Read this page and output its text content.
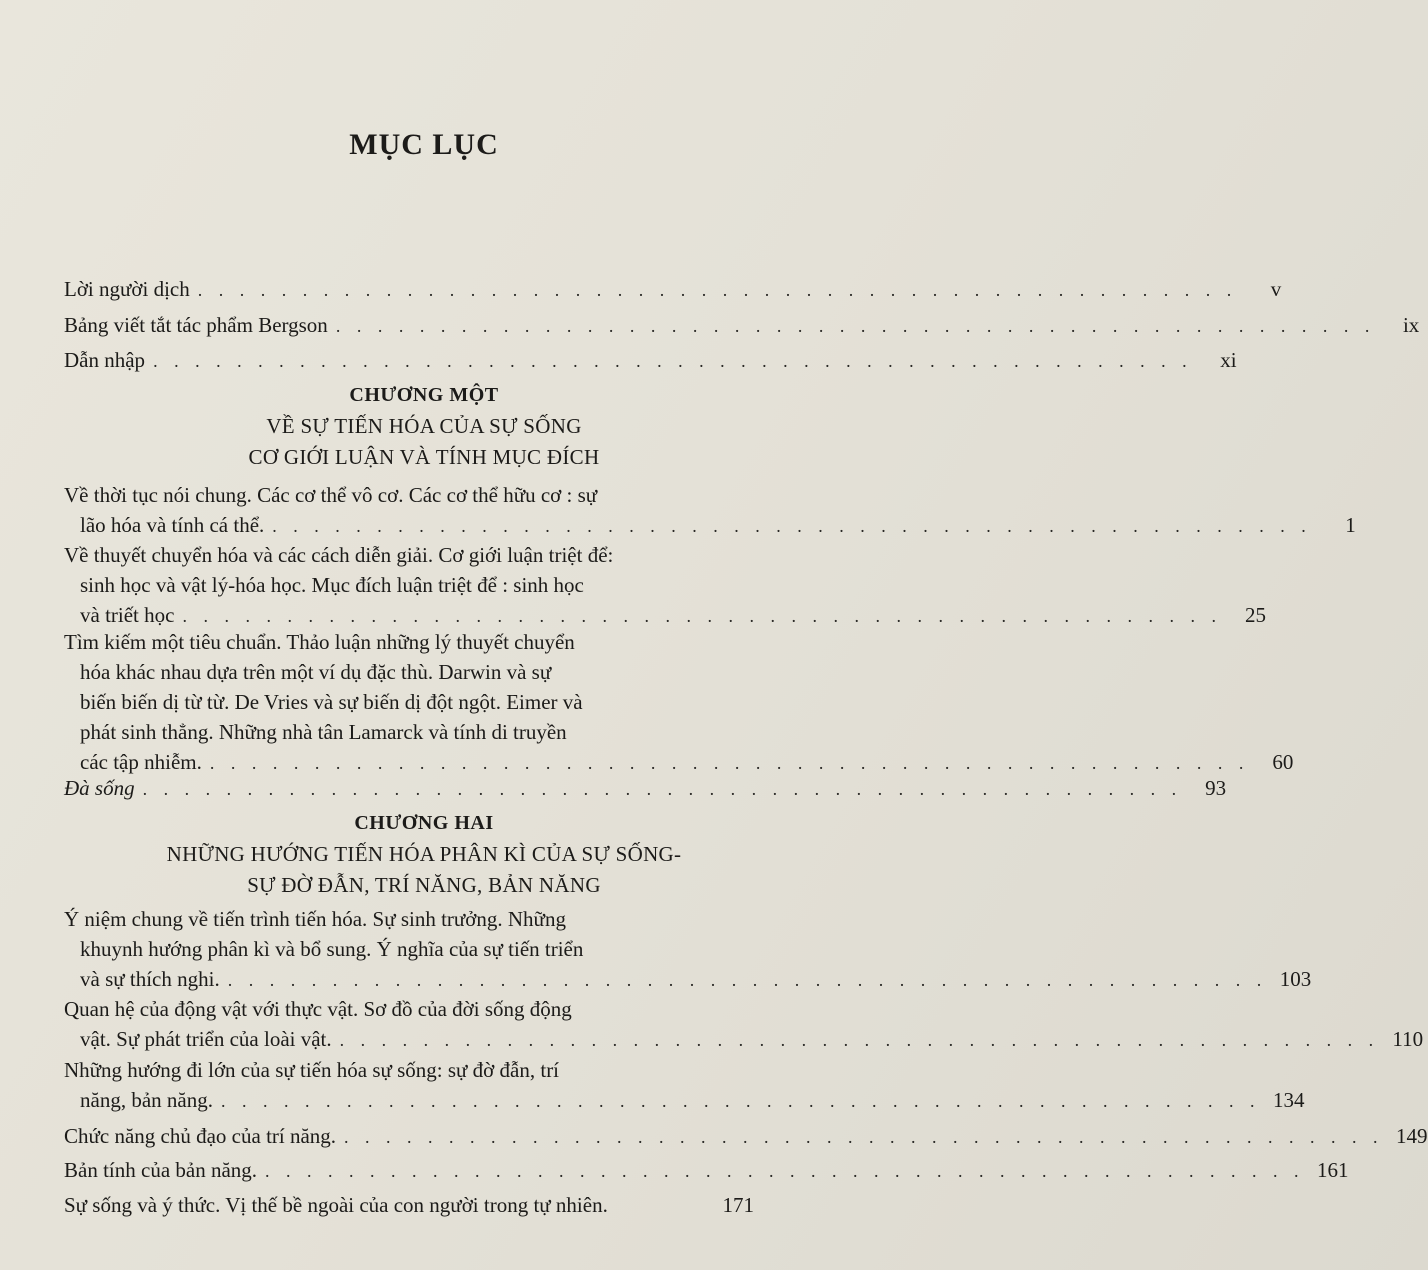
MỤC LỤC
Lời người dịch . . . . . . . . . . . . . . . . . . . . . . . . . . . . . . . . . . . . . . . . . . . . . . . . . .	v
Bảng viết tắt tác phẩm Bergson . . . . . . . . . . . . . . . . . . . . . . . . . . . . . . . . . . . . . . . . . . . . . . . . . .	ix
Dẫn nhập . . . . . . . . . . . . . . . . . . . . . . . . . . . . . . . . . . . . . . . . . . . . . . . . . .	xi
CHƯƠNG MỘT
VỀ SỰ TIẾN HÓA CỦA SỰ SỐNG
CƠ GIỚI LUẬN VÀ TÍNH MỤC ĐÍCH
Về thời tục nói chung. Các cơ thể vô cơ. Các cơ thể hữu cơ : sự
lão hóa và tính cá thể. . . . . . . . . . . . . . . . . . . . . . . . . . . . . . . . . . . . . . . . . . . . . . . . . . .	1
Về thuyết chuyển hóa và các cách diễn giải. Cơ giới luận triệt để:
sinh học và vật lý-hóa học. Mục đích luận triệt để : sinh học
và triết học . . . . . . . . . . . . . . . . . . . . . . . . . . . . . . . . . . . . . . . . . . . . . . . . . .	25
Tìm kiếm một tiêu chuẩn. Thảo luận những lý thuyết chuyển
hóa khác nhau dựa trên một ví dụ đặc thù. Darwin và sự
biến biến dị từ từ. De Vries và sự biến dị đột ngột. Eimer và
phát sinh thẳng. Những nhà tân Lamarck và tính di truyền
các tập nhiễm. . . . . . . . . . . . . . . . . . . . . . . . . . . . . . . . . . . . . . . . . . . . . . . . . . .	60
Đà sống . . . . . . . . . . . . . . . . . . . . . . . . . . . . . . . . . . . . . . . . . . . . . . . . . .	93
CHƯƠNG HAI
NHỮNG HƯỚNG TIẾN HÓA PHÂN KÌ CỦA SỰ SỐNG-
SỰ ĐỜ ĐẪN, TRÍ NĂNG, BẢN NĂNG
Ý niệm chung về tiến trình tiến hóa. Sự sinh trưởng. Những
khuynh hướng phân kì và bổ sung. Ý nghĩa của sự tiến triển
và sự thích nghi. . . . . . . . . . . . . . . . . . . . . . . . . . . . . . . . . . . . . . . . . . . . . . . . . . . 103
Quan hệ của động vật với thực vật. Sơ đồ của đời sống động
vật. Sự phát triển của loài vật. . . . . . . . . . . . . . . . . . . . . . . . . . . . . . . . . . . . . . . . . . . . . . . . . . . 110
Những hướng đi lớn của sự tiến hóa sự sống: sự đờ đẫn, trí
năng, bản năng. . . . . . . . . . . . . . . . . . . . . . . . . . . . . . . . . . . . . . . . . . . . . . . . . . . 134
Chức năng chủ đạo của trí năng. . . . . . . . . . . . . . . . . . . . . . . . . . . . . . . . . . . . . . . . . . . . . . . . . . . 149
Bản tính của bản năng. . . . . . . . . . . . . . . . . . . . . . . . . . . . . . . . . . . . . . . . . . . . . . . . . . . 161
Sự sống và ý thức. Vị thế bề ngoài của con người trong tự nhiên.	171
